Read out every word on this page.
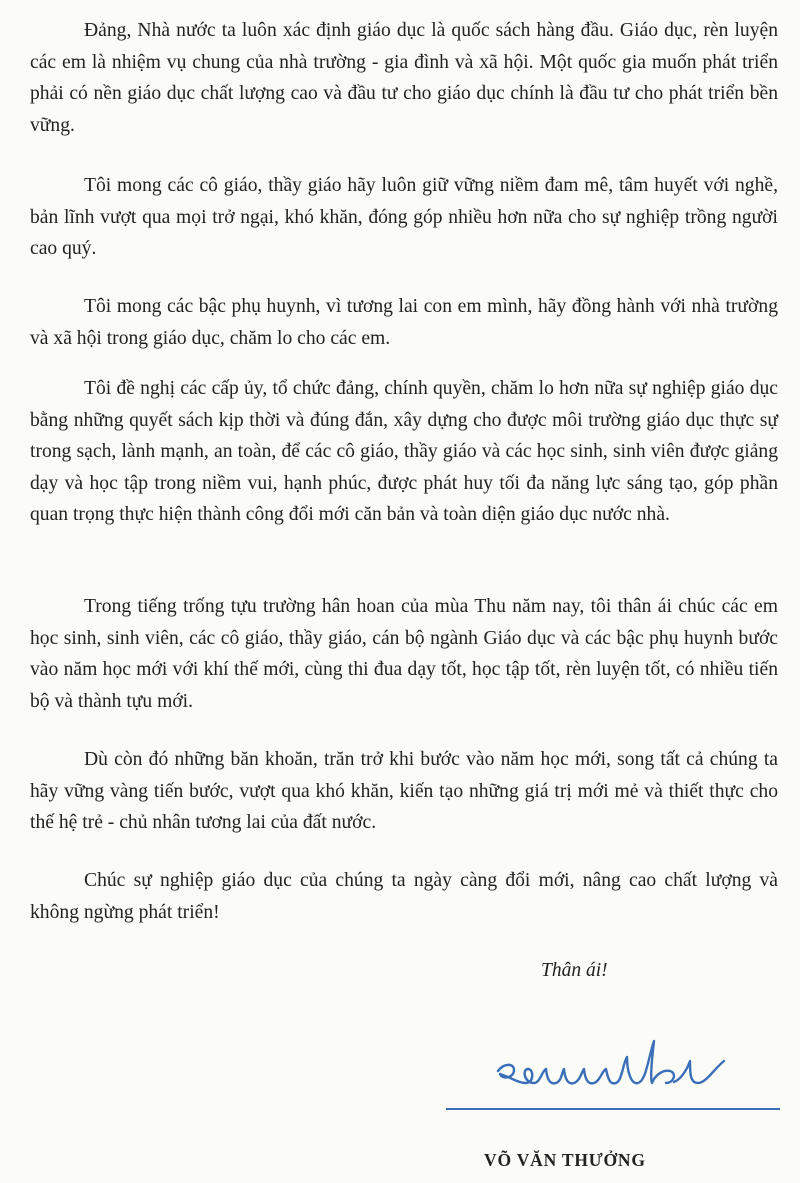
Đảng, Nhà nước ta luôn xác định giáo dục là quốc sách hàng đầu. Giáo dục, rèn luyện các em là nhiệm vụ chung của nhà trường - gia đình và xã hội. Một quốc gia muốn phát triển phải có nền giáo dục chất lượng cao và đầu tư cho giáo dục chính là đầu tư cho phát triển bền vững.

Tôi mong các cô giáo, thầy giáo hãy luôn giữ vững niềm đam mê, tâm huyết với nghề, bản lĩnh vượt qua mọi trở ngại, khó khăn, đóng góp nhiều hơn nữa cho sự nghiệp trồng người cao quý.

Tôi mong các bậc phụ huynh, vì tương lai con em mình, hãy đồng hành với nhà trường và xã hội trong giáo dục, chăm lo cho các em.

Tôi đề nghị các cấp ủy, tổ chức đảng, chính quyền, chăm lo hơn nữa sự nghiệp giáo dục bằng những quyết sách kịp thời và đúng đắn, xây dựng cho được môi trường giáo dục thực sự trong sạch, lành mạnh, an toàn, để các cô giáo, thầy giáo và các học sinh, sinh viên được giảng dạy và học tập trong niềm vui, hạnh phúc, được phát huy tối đa năng lực sáng tạo, góp phần quan trọng thực hiện thành công đổi mới căn bản và toàn diện giáo dục nước nhà.

Trong tiếng trống tựu trường hân hoan của mùa Thu năm nay, tôi thân ái chúc các em học sinh, sinh viên, các cô giáo, thầy giáo, cán bộ ngành Giáo dục và các bậc phụ huynh bước vào năm học mới với khí thế mới, cùng thi đua dạy tốt, học tập tốt, rèn luyện tốt, có nhiều tiến bộ và thành tựu mới.

Dù còn đó những băn khoăn, trăn trở khi bước vào năm học mới, song tất cả chúng ta hãy vững vàng tiến bước, vượt qua khó khăn, kiến tạo những giá trị mới mẻ và thiết thực cho thế hệ trẻ - chủ nhân tương lai của đất nước.

Chúc sự nghiệp giáo dục của chúng ta ngày càng đổi mới, nâng cao chất lượng và không ngừng phát triển!

Thân ái!

VÕ VĂN THƯỞNG
